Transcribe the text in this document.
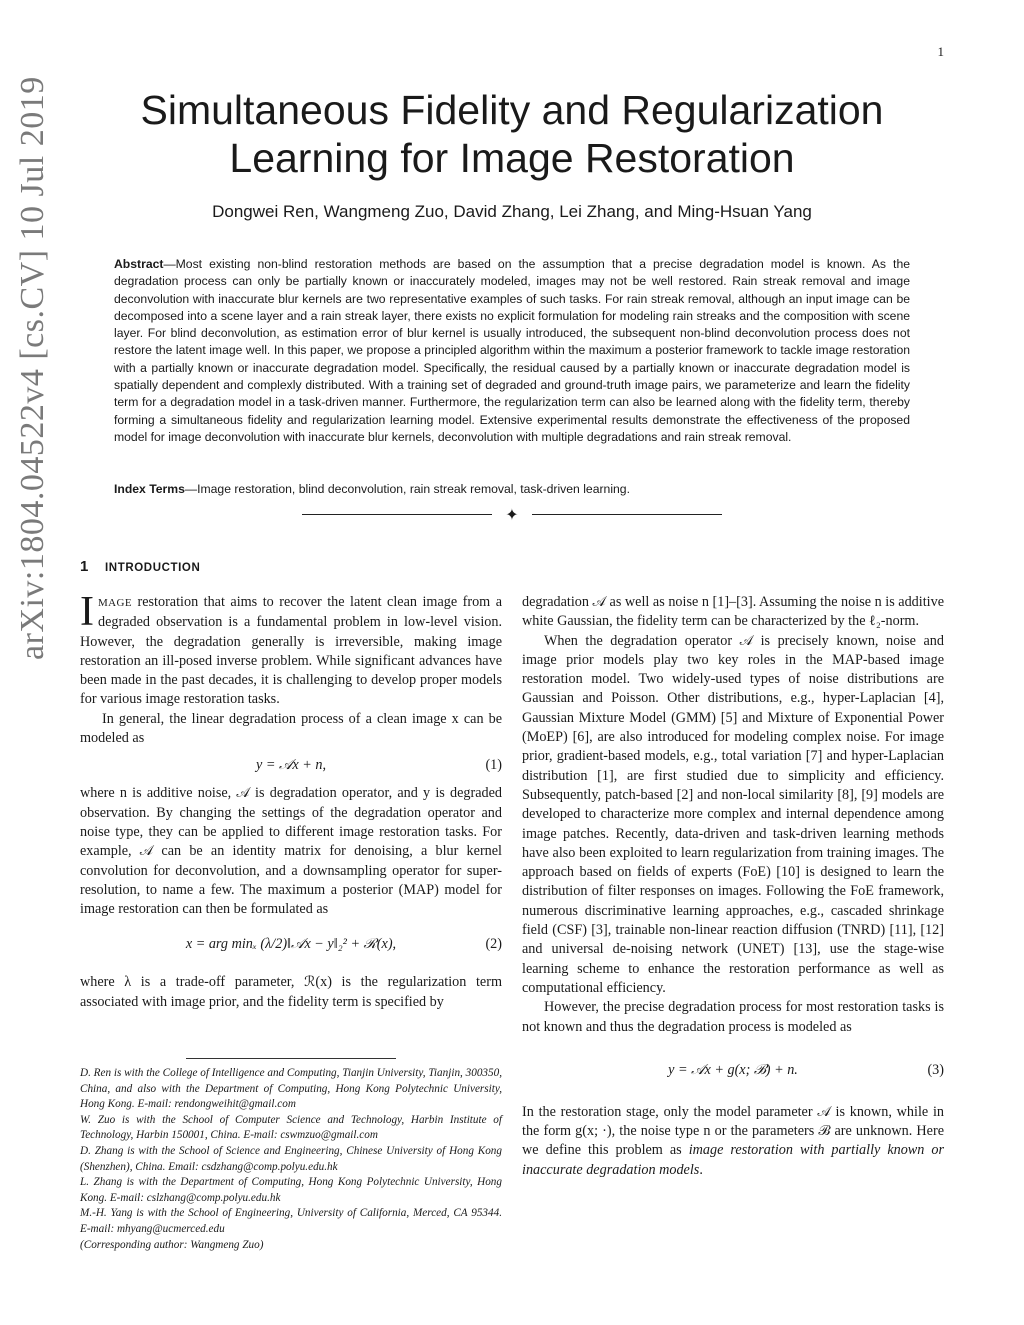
1
arXiv:1804.04522v4 [cs.CV] 10 Jul 2019	Simultaneous Fidelity and Regularization Learning for Image Restoration
Dongwei Ren, Wangmeng Zuo, David Zhang, Lei Zhang, and Ming-Hsuan Yang
Abstract—Most existing non-blind restoration methods are based on the assumption that a precise degradation model is known. As the degradation process can only be partially known or inaccurately modeled, images may not be well restored. Rain streak removal and image deconvolution with inaccurate blur kernels are two representative examples of such tasks. For rain streak removal, although an input image can be decomposed into a scene layer and a rain streak layer, there exists no explicit formulation for modeling rain streaks and the composition with scene layer. For blind deconvolution, as estimation error of blur kernel is usually introduced, the subsequent non-blind deconvolution process does not restore the latent image well. In this paper, we propose a principled algorithm within the maximum a posterior framework to tackle image restoration with a partially known or inaccurate degradation model. Specifically, the residual caused by a partially known or inaccurate degradation model is spatially dependent and complexly distributed. With a training set of degraded and ground-truth image pairs, we parameterize and learn the fidelity term for a degradation model in a task-driven manner. Furthermore, the regularization term can also be learned along with the fidelity term, thereby forming a simultaneous fidelity and regularization learning model. Extensive experimental results demonstrate the effectiveness of the proposed model for image deconvolution with inaccurate blur kernels, deconvolution with multiple degradations and rain streak removal.
Index Terms—Image restoration, blind deconvolution, rain streak removal, task-driven learning.
✦
1 INTRODUCTION

IMAGE restoration that aims to recover the latent clean image from a degraded observation is a fundamental problem in low-level vision. However, the degradation generally is irreversible, making image restoration an ill-posed inverse problem. While significant advances have been made in the past decades, it is challenging to develop proper models for various image restoration tasks.

In general, the linear degradation process of a clean image x can be modeled as

y = 𝒜x + n,	(1)

where n is additive noise, 𝒜 is degradation operator, and y is degraded observation. By changing the settings of the degradation operator and noise type, they can be applied to different image restoration tasks. For example, 𝒜 can be an identity matrix for denoising, a blur kernel convolution for deconvolution, and a downsampling operator for super-resolution, to name a few. The maximum a posterior (MAP) model for image restoration can then be formulated as

x = arg minₓ (λ/2)‖𝒜x − y‖₂² + ℛ(x),	(2)

where λ is a trade-off parameter, ℛ(x) is the regularization term associated with image prior, and the fidelity term is specified by

D. Ren is with the College of Intelligence and Computing, Tianjin University, Tianjin, 300350, China, and also with the Department of Computing, Hong Kong Polytechnic University, Hong Kong. E-mail: rendongweihit@gmail.com
W. Zuo is with the School of Computer Science and Technology, Harbin Institute of Technology, Harbin 150001, China. E-mail: cswmzuo@gmail.com
D. Zhang is with the School of Science and Engineering, Chinese University of Hong Kong (Shenzhen), China. Email: csdzhang@comp.polyu.edu.hk
L. Zhang is with the Department of Computing, Hong Kong Polytechnic University, Hong Kong. E-mail: cslzhang@comp.polyu.edu.hk
M.-H. Yang is with the School of Engineering, University of California, Merced, CA 95344. E-mail: mhyang@ucmerced.edu
(Corresponding author: Wangmeng Zuo)

degradation 𝒜 as well as noise n [1]–[3]. Assuming the noise n is additive white Gaussian, the fidelity term can be characterized by the ℓ₂-norm.

When the degradation operator 𝒜 is precisely known, noise and image prior models play two key roles in the MAP-based image restoration model. Two widely-used types of noise distributions are Gaussian and Poisson. Other distributions, e.g., hyper-Laplacian [4], Gaussian Mixture Model (GMM) [5] and Mixture of Exponential Power (MoEP) [6], are also introduced for modeling complex noise. For image prior, gradient-based models, e.g., total variation [7] and hyper-Laplacian distribution [1], are first studied due to simplicity and efficiency. Subsequently, patch-based [2] and non-local similarity [8], [9] models are developed to characterize more complex and internal dependence among image patches. Recently, data-driven and task-driven learning methods have also been exploited to learn regularization from training images. The approach based on fields of experts (FoE) [10] is designed to learn the distribution of filter responses on images. Following the FoE framework, numerous discriminative learning approaches, e.g., cascaded shrinkage field (CSF) [3], trainable non-linear reaction diffusion (TNRD) [11], [12] and universal de-noising network (UNET) [13], use the stage-wise learning scheme to enhance the restoration performance as well as computational efficiency.

However, the precise degradation process for most restoration tasks is not known and thus the degradation process is modeled as

y = 𝒜x + g(x; ℬ) + n.	(3)

In the restoration stage, only the model parameter 𝒜 is known, while in the form g(x; ·), the noise type n or the parameters ℬ are unknown. Here we define this problem as image restoration with partially known or inaccurate degradation models.
